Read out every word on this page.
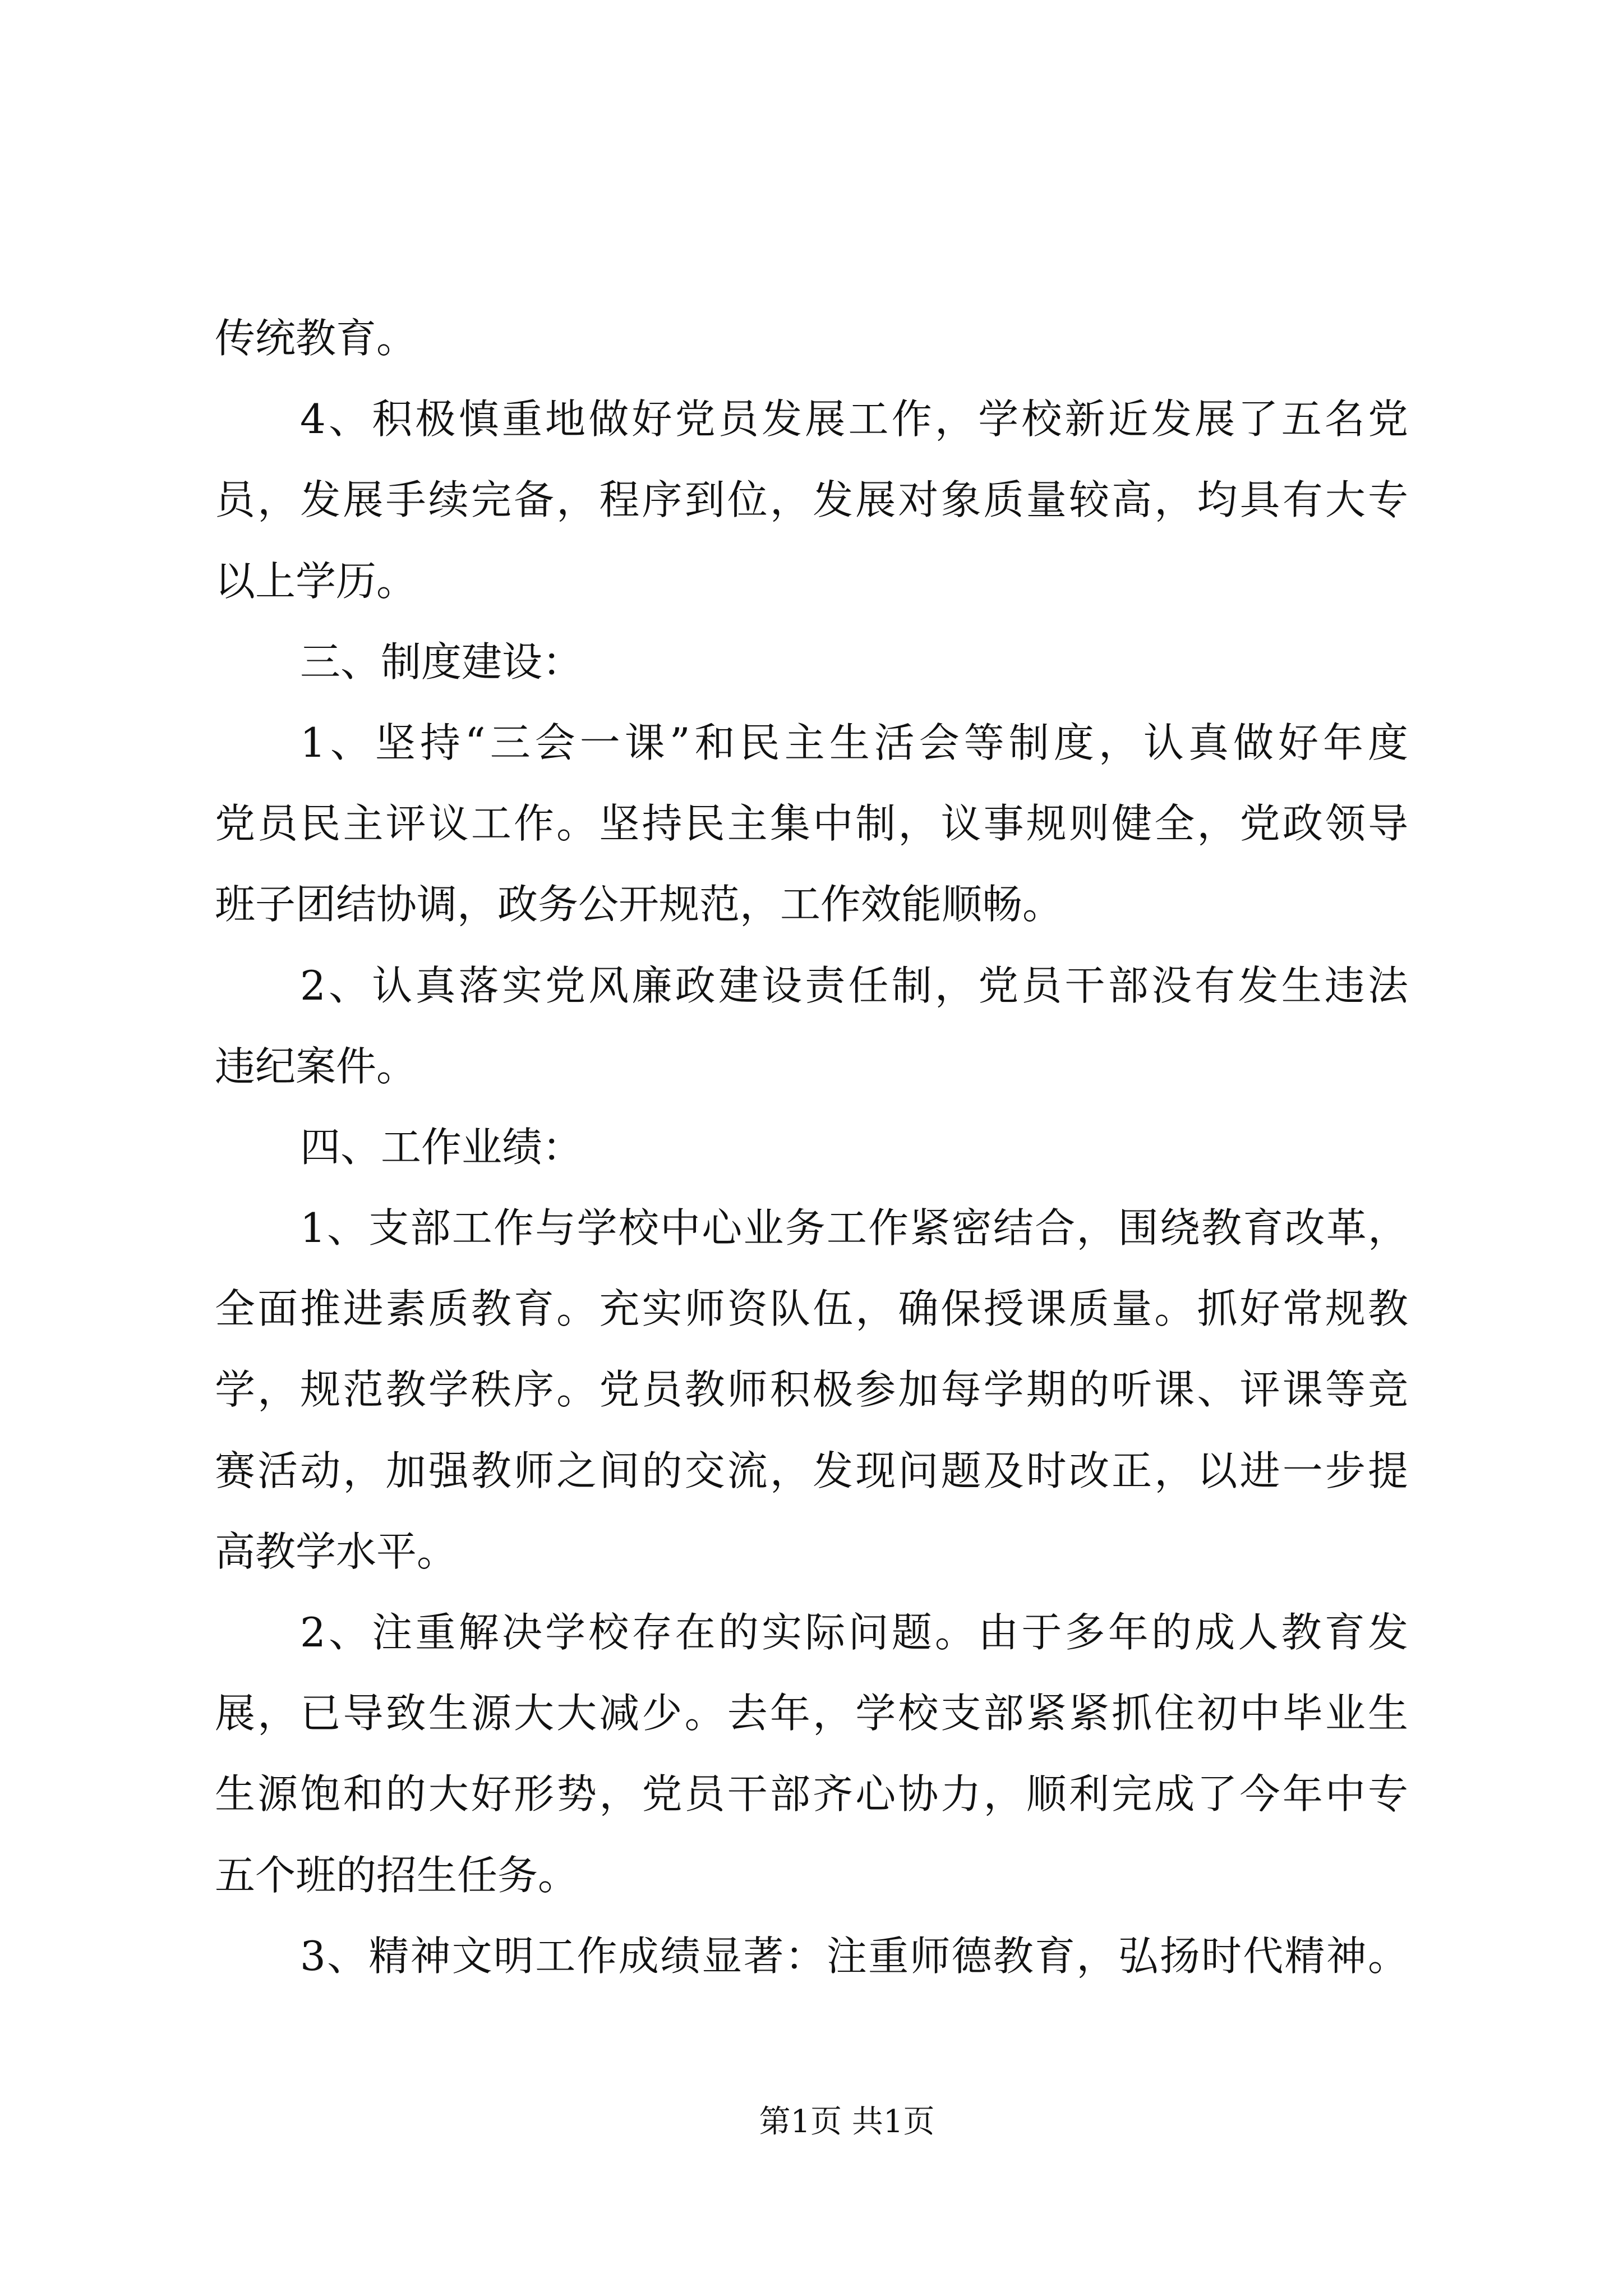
传统教育。
4、积极慎重地做好党员发展工作，学校新近发展了五名党
员，发展手续完备，程序到位，发展对象质量较高，均具有大专
以上学历。
三、制度建设：
1、坚持“三会一课”和民主生活会等制度，认真做好年度
党员民主评议工作。坚持民主集中制，议事规则健全，党政领导
班子团结协调，政务公开规范，工作效能顺畅。
2、认真落实党风廉政建设责任制，党员干部没有发生违法
违纪案件。
四、工作业绩：
1、支部工作与学校中心业务工作紧密结合，围绕教育改革，
全面推进素质教育。充实师资队伍，确保授课质量。抓好常规教
学，规范教学秩序。党员教师积极参加每学期的听课、评课等竞
赛活动，加强教师之间的交流，发现问题及时改正，以进一步提
高教学水平。
2、注重解决学校存在的实际问题。由于多年的成人教育发
展，已导致生源大大减少。去年，学校支部紧紧抓住初中毕业生
生源饱和的大好形势，党员干部齐心协力，顺利完成了今年中专
五个班的招生任务。
3、精神文明工作成绩显著：注重师德教育，弘扬时代精神。
第1页 共1页
